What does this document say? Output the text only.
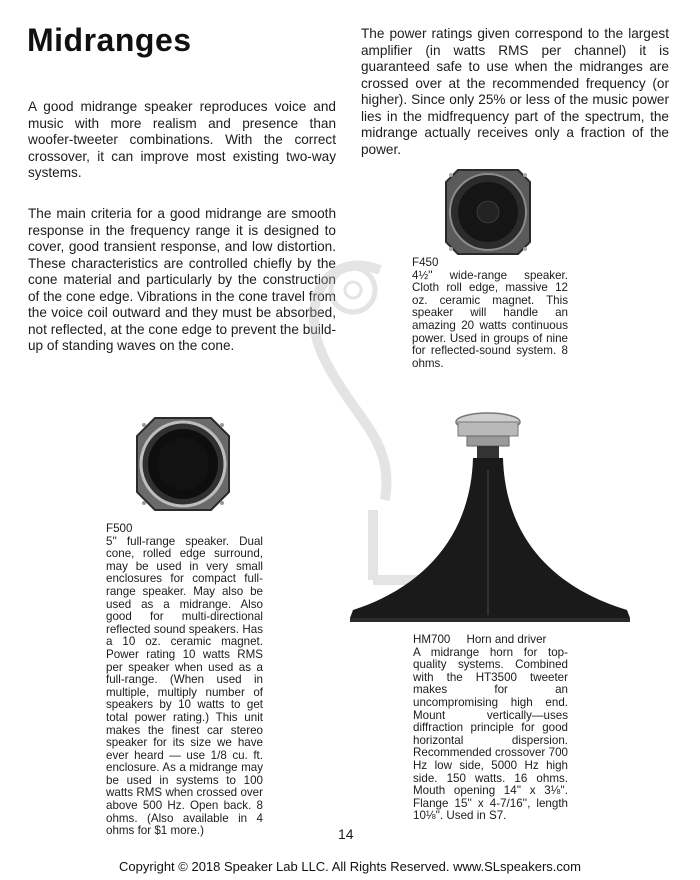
Midranges
A good midrange speaker reproduces voice and music with more realism and presence than woofer-tweeter combinations. With the correct crossover, it can improve most existing two-way systems.
The main criteria for a good midrange are smooth response in the frequency range it is designed to cover, good transient response, and low distortion. These characteristics are controlled chiefly by the cone material and particularly by the construction of the cone edge. Vibrations in the cone travel from the voice coil outward and they must be absorbed, not reflected, at the cone edge to prevent the build-up of standing waves on the cone.
The power ratings given correspond to the largest amplifier (in watts RMS per channel) it is guaranteed safe to use when the midranges are crossed over at the recommended frequency (or higher). Since only 25% or less of the music power lies in the midfrequency part of the spectrum, the midrange actually receives only a fraction of the power.
F450
4½'' wide-range speaker. Cloth roll edge, massive 12 oz. ceramic magnet. This speaker will handle an amazing 20 watts continuous power. Used in groups of nine for reflected-sound system. 8 ohms.
F500
5'' full-range speaker. Dual cone, rolled edge surround, may be used in very small enclosures for compact full-range speaker. May also be used as a midrange. Also good for multi-directional reflected sound speakers. Has a 10 oz. ceramic magnet. Power rating 10 watts RMS per speaker when used as a full-range. (When used in multiple, multiply number of speakers by 10 watts to get total power rating.) This unit makes the finest car stereo speaker for its size we have ever heard — use 1/8 cu. ft. enclosure. As a midrange may be used in systems to 100 watts RMS when crossed over above 500 Hz. Open back. 8 ohms. (Also available in 4 ohms for $1 more.)
HM700 Horn and driver
A midrange horn for top-quality systems. Combined with the HT3500 tweeter makes for an uncompromising high end. Mount vertically—uses diffraction principle for good horizontal dispersion. Recommended crossover 700 Hz low side, 5000 Hz high side. 150 watts. 16 ohms. Mouth opening 14'' x 3⅛''. Flange 15'' x 4-7/16'', length 10⅛''. Used in S7.
14
Copyright © 2018 Speaker Lab LLC. All Rights Reserved. www.SLspeakers.com
